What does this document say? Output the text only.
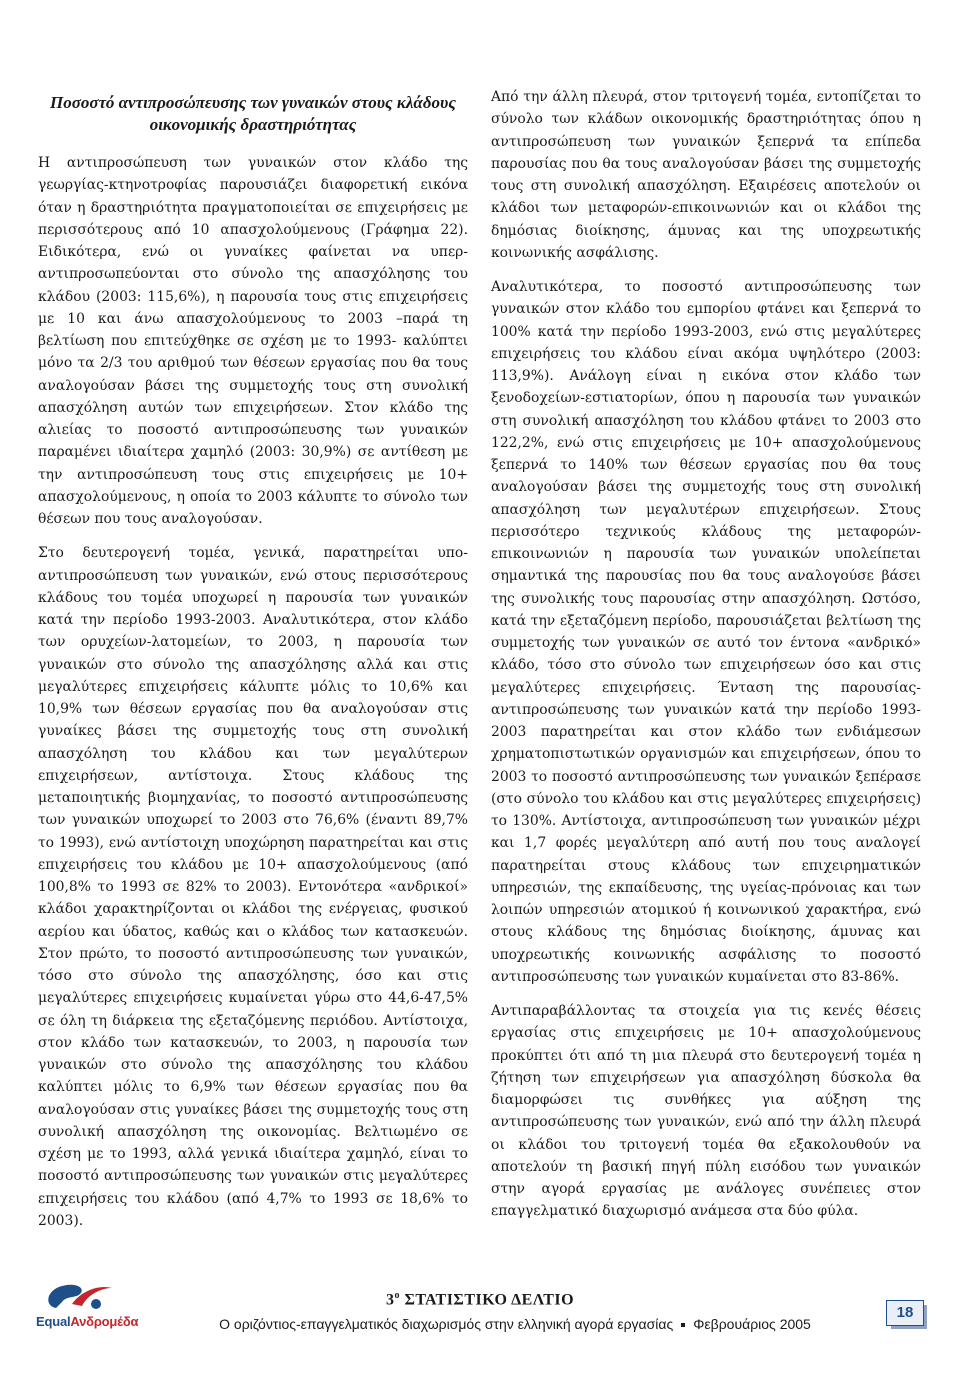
Ποσοστό αντιπροσώπευσης των γυναικών στους κλάδους οικονομικής δραστηριότητας

Η αντιπροσώπευση των γυναικών στον κλάδο της γεωργίας-κτηνοτροφίας παρουσιάζει διαφορετική εικόνα όταν η δραστηριότητα πραγματοποιείται σε επιχειρήσεις με περισσότερους από 10 απασχολούμενους (Γράφημα 22). Ειδικότερα, ενώ οι γυναίκες φαίνεται να υπερ-αντιπροσωπεύονται στο σύνολο της απασχόλησης του κλάδου (2003: 115,6%), η παρουσία τους στις επιχειρήσεις με 10 και άνω απασχολούμενους το 2003 –παρά τη βελτίωση που επιτεύχθηκε σε σχέση με το 1993- καλύπτει μόνο τα 2/3 του αριθμού των θέσεων εργασίας που θα τους αναλογούσαν βάσει της συμμετοχής τους στη συνολική απασχόληση αυτών των επιχειρήσεων. Στον κλάδο της αλιείας το ποσοστό αντιπροσώπευσης των γυναικών παραμένει ιδιαίτερα χαμηλό (2003: 30,9%) σε αντίθεση με την αντιπροσώπευση τους στις επιχειρήσεις με 10+ απασχολούμενους, η οποία το 2003 κάλυπτε το σύνολο των θέσεων που τους αναλογούσαν.

Στο δευτερογενή τομέα, γενικά, παρατηρείται υπο-αντιπροσώπευση των γυναικών, ενώ στους περισσότερους κλάδους του τομέα υποχωρεί η παρουσία των γυναικών κατά την περίοδο 1993-2003. Αναλυτικότερα, στον κλάδο των ορυχείων-λατομείων, το 2003, η παρουσία των γυναικών στο σύνολο της απασχόλησης αλλά και στις μεγαλύτερες επιχειρήσεις κάλυπτε μόλις το 10,6% και 10,9% των θέσεων εργασίας που θα αναλογούσαν στις γυναίκες βάσει της συμμετοχής τους στη συνολική απασχόληση του κλάδου και των μεγαλύτερων επιχειρήσεων, αντίστοιχα. Στους κλάδους της μεταποιητικής βιομηχανίας, το ποσοστό αντιπροσώπευσης των γυναικών υποχωρεί το 2003 στο 76,6% (έναντι 89,7% το 1993), ενώ αντίστοιχη υποχώρηση παρατηρείται και στις επιχειρήσεις του κλάδου με 10+ απασχολούμενους (από 100,8% το 1993 σε 82% το 2003). Εντονότερα «ανδρικοί» κλάδοι χαρακτηρίζονται οι κλάδοι της ενέργειας, φυσικού αερίου και ύδατος, καθώς και ο κλάδος των κατασκευών. Στον πρώτο, το ποσοστό αντιπροσώπευσης των γυναικών, τόσο στο σύνολο της απασχόλησης, όσο και στις μεγαλύτερες επιχειρήσεις κυμαίνεται γύρω στο 44,6-47,5% σε όλη τη διάρκεια της εξεταζόμενης περιόδου. Αντίστοιχα, στον κλάδο των κατασκευών, το 2003, η παρουσία των γυναικών στο σύνολο της απασχόλησης του κλάδου καλύπτει μόλις το 6,9% των θέσεων εργασίας που θα αναλογούσαν στις γυναίκες βάσει της συμμετοχής τους στη συνολική απασχόληση της οικονομίας. Βελτιωμένο σε σχέση με το 1993, αλλά γενικά ιδιαίτερα χαμηλό, είναι το ποσοστό αντιπροσώπευσης των γυναικών στις μεγαλύτερες επιχειρήσεις του κλάδου (από 4,7% το 1993 σε 18,6% το 2003).

Από την άλλη πλευρά, στον τριτογενή τομέα, εντοπίζεται το σύνολο των κλάδων οικονομικής δραστηριότητας όπου η αντιπροσώπευση των γυναικών ξεπερνά τα επίπεδα παρουσίας που θα τους αναλογούσαν βάσει της συμμετοχής τους στη συνολική απασχόληση. Εξαιρέσεις αποτελούν οι κλάδοι των μεταφορών-επικοινωνιών και οι κλάδοι της δημόσιας διοίκησης, άμυνας και της υποχρεωτικής κοινωνικής ασφάλισης.

Αναλυτικότερα, το ποσοστό αντιπροσώπευσης των γυναικών στον κλάδο του εμπορίου φτάνει και ξεπερνά το 100% κατά την περίοδο 1993-2003, ενώ στις μεγαλύτερες επιχειρήσεις του κλάδου είναι ακόμα υψηλότερο (2003: 113,9%). Ανάλογη είναι η εικόνα στον κλάδο των ξενοδοχείων-εστιατορίων, όπου η παρουσία των γυναικών στη συνολική απασχόληση του κλάδου φτάνει το 2003 στο 122,2%, ενώ στις επιχειρήσεις με 10+ απασχολούμενους ξεπερνά το 140% των θέσεων εργασίας που θα τους αναλογούσαν βάσει της συμμετοχής τους στη συνολική απασχόληση των μεγαλυτέρων επιχειρήσεων. Στους περισσότερο τεχνικούς κλάδους της μεταφορών-επικοινωνιών η παρουσία των γυναικών υπολείπεται σημαντικά της παρουσίας που θα τους αναλογούσε βάσει της συνολικής τους παρουσίας στην απασχόληση. Ωστόσο, κατά την εξεταζόμενη περίοδο, παρουσιάζεται βελτίωση της συμμετοχής των γυναικών σε αυτό τον έντονα «ανδρικό» κλάδο, τόσο στο σύνολο των επιχειρήσεων όσο και στις μεγαλύτερες επιχειρήσεις. Ένταση της παρουσίας-αντιπροσώπευσης των γυναικών κατά την περίοδο 1993-2003 παρατηρείται και στον κλάδο των ενδιάμεσων χρηματοπιστωτικών οργανισμών και επιχειρήσεων, όπου το 2003 το ποσοστό αντιπροσώπευσης των γυναικών ξεπέρασε (στο σύνολο του κλάδου και στις μεγαλύτερες επιχειρήσεις) το 130%. Αντίστοιχα, αντιπροσώπευση των γυναικών μέχρι και 1,7 φορές μεγαλύτερη από αυτή που τους αναλογεί παρατηρείται στους κλάδους των επιχειρηματικών υπηρεσιών, της εκπαίδευσης, της υγείας-πρόνοιας και των λοιπών υπηρεσιών ατομικού ή κοινωνικού χαρακτήρα, ενώ στους κλάδους της δημόσιας διοίκησης, άμυνας και υποχρεωτικής κοινωνικής ασφάλισης το ποσοστό αντιπροσώπευσης των γυναικών κυμαίνεται στο 83-86%.

Αντιπαραβάλλοντας τα στοιχεία για τις κενές θέσεις εργασίας στις επιχειρήσεις με 10+ απασχολούμενους προκύπτει ότι από τη μια πλευρά στο δευτερογενή τομέα η ζήτηση των επιχειρήσεων για απασχόληση δύσκολα θα διαμορφώσει τις συνθήκες για αύξηση της αντιπροσώπευσης των γυναικών, ενώ από την άλλη πλευρά οι κλάδοι του τριτογενή τομέα θα εξακολουθούν να αποτελούν τη βασική πηγή πύλη εισόδου των γυναικών στην αγορά εργασίας με ανάλογες συνέπειες στον επαγγελματικό διαχωρισμό ανάμεσα στα δύο φύλα.

EqualΑνδρομέδα
$3^o$ ΣΤΑΤΙΣΤΙΚΟ ΔΕΛΤΙΟ
Ο οριζόντιος-επαγγελματικός διαχωρισμός στην ελληνική αγορά εργασίας Φεβρουάριος 2005
18
